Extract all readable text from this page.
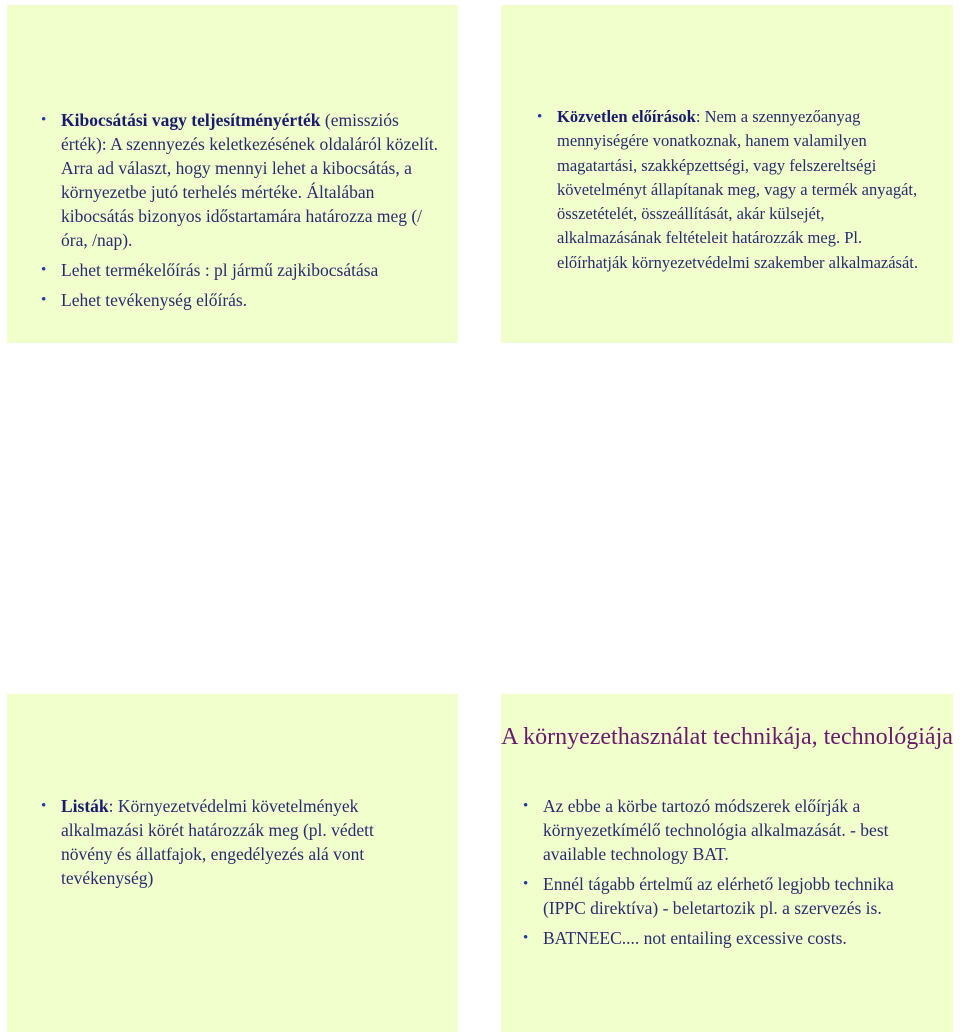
• Kibocsátási vagy teljesítményérték (emissziós érték): A szennyezés keletkezésének oldaláról közelít. Arra ad választ, hogy mennyi lehet a kibocsátás, a környezetbe jutó terhelés mértéke. Általában kibocsátás bizonyos időstartamára határozza meg (/óra, /nap).
• Lehet termékelőírás : pl jármű zajkibocsátása
• Lehet tevékenység előírás.
• Közvetlen előírások: Nem a szennyezőanyag mennyiségére vonatkoznak, hanem valamilyen magatartási, szakképzettségi, vagy felszereltségi követelményt állapítanak meg, vagy a termék anyagát, összetételét, összeállítását, akár külsejét, alkalmazásának feltételeit határozzák meg. Pl. előírhatják környezetvédelmi szakember alkalmazását.
• Listák: Környezetvédelmi követelmények alkalmazási körét határozzák meg (pl. védett növény és állatfajok, engedélyezés alá vont tevékenység)
A környezethasználat technikája, technológiája
• Az ebbe a körbe tartozó módszerek előírják a környezetkímélő technológia alkalmazását. - best available technology BAT.
• Ennél tágabb értelmű az elérhető legjobb technika (IPPC direktíva) - beletartozik pl. a szervezés is.
• BATNEEC.... not entailing excessive costs.
